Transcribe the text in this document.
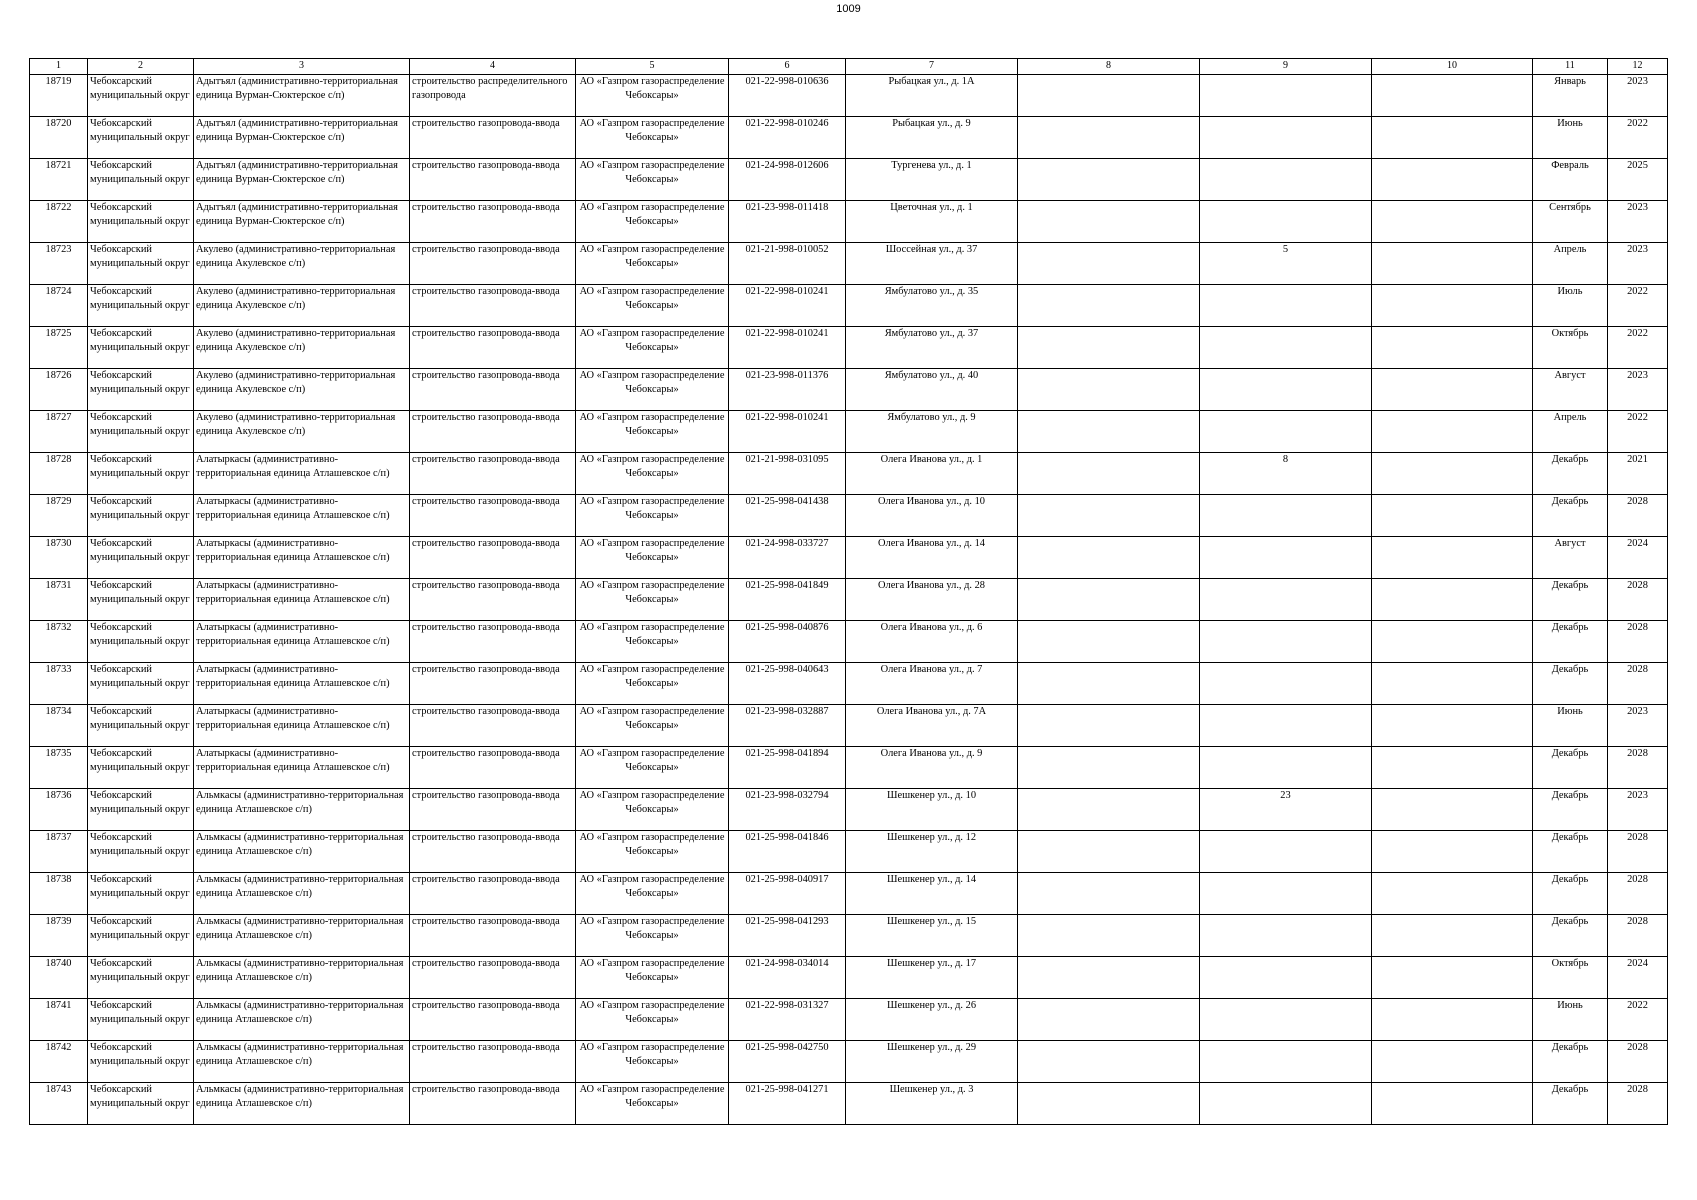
1009
1	2	3	4	5	6	7	8	9	10	11	12

18719	Чебоксарский муниципальный округ	Адытъял (административно-территориальная единица Вурман-Сюктерское с/п)	строительство распределительного газопровода	АО «Газпром газораспределение Чебоксары»	021-22-998-010636	Рыбацкая ул., д. 1А				Январь	2023

18720	Чебоксарский муниципальный округ	Адытъял (административно-территориальная единица Вурман-Сюктерское с/п)	строительство газопровода-ввода	АО «Газпром газораспределение Чебоксары»	021-22-998-010246	Рыбацкая ул., д. 9				Июнь	2022

18721	Чебоксарский муниципальный округ	Адытъял (административно-территориальная единица Вурман-Сюктерское с/п)	строительство газопровода-ввода	АО «Газпром газораспределение Чебоксары»	021-24-998-012606	Тургенева ул., д. 1				Февраль	2025

18722	Чебоксарский муниципальный округ	Адытъял (административно-территориальная единица Вурман-Сюктерское с/п)	строительство газопровода-ввода	АО «Газпром газораспределение Чебоксары»	021-23-998-011418	Цветочная ул., д. 1				Сентябрь	2023

18723	Чебоксарский муниципальный округ	Акулево (административно-территориальная единица Акулевское с/п)	строительство газопровода-ввода	АО «Газпром газораспределение Чебоксары»	021-21-998-010052	Шоссейная ул., д. 37		5		Апрель	2023

18724	Чебоксарский муниципальный округ	Акулево (административно-территориальная единица Акулевское с/п)	строительство газопровода-ввода	АО «Газпром газораспределение Чебоксары»	021-22-998-010241	Ямбулатово ул., д. 35				Июль	2022

18725	Чебоксарский муниципальный округ	Акулево (административно-территориальная единица Акулевское с/п)	строительство газопровода-ввода	АО «Газпром газораспределение Чебоксары»	021-22-998-010241	Ямбулатово ул., д. 37				Октябрь	2022

18726	Чебоксарский муниципальный округ	Акулево (административно-территориальная единица Акулевское с/п)	строительство газопровода-ввода	АО «Газпром газораспределение Чебоксары»	021-23-998-011376	Ямбулатово ул., д. 40				Август	2023

18727	Чебоксарский муниципальный округ	Акулево (административно-территориальная единица Акулевское с/п)	строительство газопровода-ввода	АО «Газпром газораспределение Чебоксары»	021-22-998-010241	Ямбулатово ул., д. 9				Апрель	2022

18728	Чебоксарский муниципальный округ	Алатыркасы (административно-территориальная единица Атлашевское с/п)	строительство газопровода-ввода	АО «Газпром газораспределение Чебоксары»	021-21-998-031095	Олега Иванова ул., д. 1		8		Декабрь	2021

18729	Чебоксарский муниципальный округ	Алатыркасы (административно-территориальная единица Атлашевское с/п)	строительство газопровода-ввода	АО «Газпром газораспределение Чебоксары»	021-25-998-041438	Олега Иванова ул., д. 10				Декабрь	2028

18730	Чебоксарский муниципальный округ	Алатыркасы (административно-территориальная единица Атлашевское с/п)	строительство газопровода-ввода	АО «Газпром газораспределение Чебоксары»	021-24-998-033727	Олега Иванова ул., д. 14				Август	2024

18731	Чебоксарский муниципальный округ	Алатыркасы (административно-территориальная единица Атлашевское с/п)	строительство газопровода-ввода	АО «Газпром газораспределение Чебоксары»	021-25-998-041849	Олега Иванова ул., д. 28				Декабрь	2028

18732	Чебоксарский муниципальный округ	Алатыркасы (административно-территориальная единица Атлашевское с/п)	строительство газопровода-ввода	АО «Газпром газораспределение Чебоксары»	021-25-998-040876	Олега Иванова ул., д. 6				Декабрь	2028

18733	Чебоксарский муниципальный округ	Алатыркасы (административно-территориальная единица Атлашевское с/п)	строительство газопровода-ввода	АО «Газпром газораспределение Чебоксары»	021-25-998-040643	Олега Иванова ул., д. 7				Декабрь	2028

18734	Чебоксарский муниципальный округ	Алатыркасы (административно-территориальная единица Атлашевское с/п)	строительство газопровода-ввода	АО «Газпром газораспределение Чебоксары»	021-23-998-032887	Олега Иванова ул., д. 7А				Июнь	2023

18735	Чебоксарский муниципальный округ	Алатыркасы (административно-территориальная единица Атлашевское с/п)	строительство газопровода-ввода	АО «Газпром газораспределение Чебоксары»	021-25-998-041894	Олега Иванова ул., д. 9				Декабрь	2028

18736	Чебоксарский муниципальный округ	Альмкасы (административно-территориальная единица Атлашевское с/п)	строительство газопровода-ввода	АО «Газпром газораспределение Чебоксары»	021-23-998-032794	Шешкенер ул., д. 10		23		Декабрь	2023

18737	Чебоксарский муниципальный округ	Альмкасы (административно-территориальная единица Атлашевское с/п)	строительство газопровода-ввода	АО «Газпром газораспределение Чебоксары»	021-25-998-041846	Шешкенер ул., д. 12				Декабрь	2028

18738	Чебоксарский муниципальный округ	Альмкасы (административно-территориальная единица Атлашевское с/п)	строительство газопровода-ввода	АО «Газпром газораспределение Чебоксары»	021-25-998-040917	Шешкенер ул., д. 14				Декабрь	2028

18739	Чебоксарский муниципальный округ	Альмкасы (административно-территориальная единица Атлашевское с/п)	строительство газопровода-ввода	АО «Газпром газораспределение Чебоксары»	021-25-998-041293	Шешкенер ул., д. 15				Декабрь	2028

18740	Чебоксарский муниципальный округ	Альмкасы (административно-территориальная единица Атлашевское с/п)	строительство газопровода-ввода	АО «Газпром газораспределение Чебоксары»	021-24-998-034014	Шешкенер ул., д. 17				Октябрь	2024

18741	Чебоксарский муниципальный округ	Альмкасы (административно-территориальная единица Атлашевское с/п)	строительство газопровода-ввода	АО «Газпром газораспределение Чебоксары»	021-22-998-031327	Шешкенер ул., д. 26				Июнь	2022

18742	Чебоксарский муниципальный округ	Альмкасы (административно-территориальная единица Атлашевское с/п)	строительство газопровода-ввода	АО «Газпром газораспределение Чебоксары»	021-25-998-042750	Шешкенер ул., д. 29				Декабрь	2028

18743	Чебоксарский муниципальный округ	Альмкасы (административно-территориальная единица Атлашевское с/п)	строительство газопровода-ввода	АО «Газпром газораспределение Чебоксары»	021-25-998-041271	Шешкенер ул., д. 3				Декабрь	2028
